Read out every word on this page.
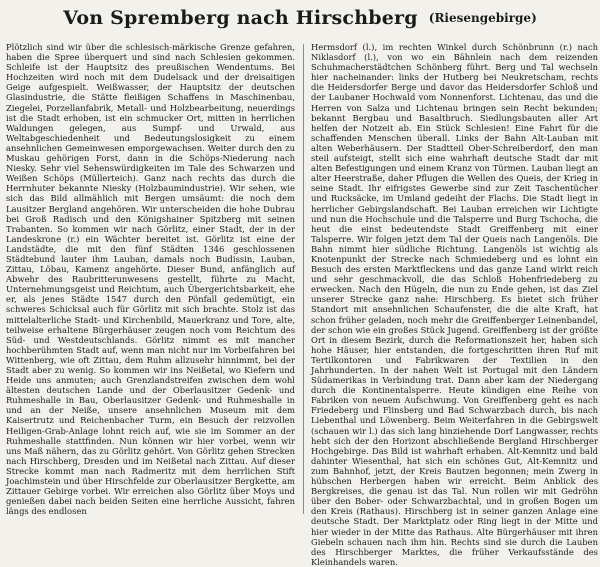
Von Spremberg nach Hirschberg (Riesengebirge)

Plötzlich sind wir über die schlesisch-märkische Grenze gefahren, haben die Spree überquert und sind nach Schlesien gekommen. Schleife ist der Hauptsitz des preußischen Wendentums. Bei Hochzeiten wird noch mit dem Dudelsack und der dreisaitigen Geige aufgespielt. Weißwasser, der Hauptsitz der deutschen Glasindustrie, die Stätte fleißigen Schaffens in Maschinenbau, Ziegelei, Porzellanfabrik, Metall- und Holzbearbeitung, neuerdings ist die Stadt erhoben, ist ein schmucker Ort, mitten in herrlichen Waldungen gelegen, aus Sumpf- und Urwald, aus Weltabgeschiedenheit und Bedeutungslosigkeit zu einem ansehnlichen Gemeinwesen emporgewachsen. Weiter durch den zu Muskau gehörigen Forst, dann in die Schöps-Niederung nach Niesky. Sehr viel Sehenswürdigkeiten im Tale des Schwarzen und Weißen Schöps (Müllerteich). Ganz nach rechts das durch die Herrnhuter bekannte Niesky (Holzbaumindustrie). Wir sehen, wie sich das Bild allmählich mit Bergen umsäumt: die noch dem Lausitzer Bergland angehören. Wir unterscheiden die hohe Dubrau bei Groß Radisch und den Königshainer Spitzberg mit seinen Trabanten. So kommen wir nach Görlitz, einer Stadt, der in der Landeskrone (r.) ein Wächter bereitet ist. Görlitz ist eine der Landstädte, die mit den fünf Städten 1346 geschlossenen Städtebund lauter ihm Lauban, damals noch Budissin, Lauban, Zittau, Löbau, Kamenz angehörte. Dieser Bund, anfänglich auf Abwehr des Raubritterunwesens gestellt, führte zu Macht, Unternehmungsgeist und Reichtum, auch Übergerichtsbarkeit, ehe er, als jenes Städte 1547 durch den Pönfall gedemütigt, ein schweres Schicksal auch für Görlitz mit sich brachte. Stolz ist das mittelalterliche Stadt- und Kirchenbild, Mauerkranz und Tore, alte, teilweise erhaltene Bürgerhäuser zeugen noch vom Reichtum des Süd- und Westdeutschlands. Görlitz nimmt es mit mancher hochberühmten Stadt auf, wenn man nicht nur im Vorbeifahren bei Wittenberg, wie oft Zittau, dem Ruhm allzusehr hinnimmt, bei der Stadt aber zu wenig. So kommen wir ins Neißetal, wo Kiefern und Heide uns anmuten; auch Grenzlandstreifen zwischen dem wohl ältesten deutschen Lande und der Oberlausitzer Gedenk- und Ruhmeshalle in Bau, Oberlausitzer Gedenk- und Ruhmeshalle in und an der Neiße, unsere ansehnlichen Museum mit dem Kaisertrutz und Reichenbacher Turm, ein Besuch der reizvollen Heiligen-Grab-Anlage lohnt reich auf, wie sie im Sommer an der Ruhmeshalle stattfinden. Nun können wir hier vorbei, wenn wir uns Maß nähern, das zu Görlitz gehört. Von Görlitz gehen Strecken nach Hirschberg, Dresden und im Neißetal nach Zittau. Auf dieser Strecke kommt man nach Radmeritz mit dem herrlichen Stift Joachimstein und über Hirschfelde zur Oberlausitzer Bergkette, am Zittauer Gebirge vorbei. Wir erreichen also Görlitz über Moys und genießen dabei nach beiden Seiten eine herrliche Aussicht, fahren längs des endlosen

Hermsdorf (l.), im rechten Winkel durch Schönbrunn (r.) nach Niklasdorf (l.), von wo ein Bähnlein nach dem reizenden Schuhmacherstädtchen Schönberg führt. Berg und Tal wechseln hier nacheinander: links der Hutberg bei Neukretscham, rechts die Heidersdorfer Berge und davor das Heidersdorfer Schloß und der Laubaner Hochwald vom Nonnenforst. Lichtenau, das und die Herren von Salza und Lichtenau bringen sein Recht bekunden; bekannt Bergbau und Basaltbruch. Siedlungsbauten aller Art helfen der Notzeit ab. Ein Stück Schlesien! Eine Fahrt für die schaffenden Menschen überall. Links der Bahn Alt-Lauban mit alten Weberhäusern. Der Stadtteil Ober-Schreiberdorf, den man steil aufsteigt, stellt sich eine wahrhaft deutsche Stadt dar mit alten Befestigungen und einem Kranz von Türmen. Lauban liegt an alter Heerstraße, daher Pflugen die Wellen des Queis, der Krieg in seine Stadt. Ihr eifrigstes Gewerbe sind zur Zeit Taschentücher und Rucksäcke, im Umland gedeiht der Flachs. Die Stadt liegt in herrlicher Gebirgslandschaft. Bei Lauban erreichen wir Lichtigte und nun die Hochschule und die Talsperre und Burg Tschocha, die heut die einst bedeutendste Stadt Greiffenberg mit einer Talsperre. Wir folgen jetzt dem Tal der Queis nach Langenöls. Die Bahn nimmt hier südliche Richtung. Langenöls ist wichtig als Knotenpunkt der Strecke nach Schmiedeberg und es lohnt ein Besuch des ersten Marktfleckens und das ganze Land wirkt reich und sehr geschmackvoll, die das Schloß Hohenfriedeberg zu erwecken. Nach den Hügeln, die nun zu Ende gehen, ist das Ziel unserer Strecke ganz nahe: Hirschberg. Es bietet sich früher Standort mit ansehnlichen Schaufenster, die die alte Kraft, hat schon früher geladen, noch mehr die Greiffenberger Leinenbandel, der schon wie ein großes Stück Jugend. Greiffenberg ist der größte Ort in diesem Bezirk, durch die Reformationszeit her, haben sich hohe Häuser, hier entstanden, die fortgeschritten ihren Ruf mit Tertilkontoren und Fabrikwaren der Textilien in den Jahrhunderten. In der nahen Welt ist Portugal mit den Ländern Südamerikas in Verbindung trat. Dann aber kam der Niedergang durch die Kontinentalsperre. Heute kündigen eine Reihe von Fabriken von neuem Aufschwung. Von Greiffenberg geht es nach Friedeberg und Flinsberg und Bad Schwarzbach durch, bis nach Liebenthal und Löwenberg. Beim Weiterfahren in die Gebirgswelt (schauen wir l.) das sich lang hinziehende Dorf Langwasser, rechts hebt sich der den Horizont abschließende Bergland Hirschberger Hochgebirge. Das Bild ist wahrhaft erhaben. Alt-Kemnitz und bald dahinter Wiesenthal, hat sich ein schönes Gut, Alt-Kemnitz und zum Bahnhof, jetzt, der Kreis Bautzen begonnen; mein Zwerg in hübschen Herbergen haben wir erreicht. Beim Anblick des Bergkreises, die genau ist das Tal. Nun rollen wir mit Gedröhn über den Bober- oder Schwarzbachtal, und in großen Bogen um den Kreis (Rathaus). Hirschberg ist in seiner ganzen Anlage eine deutsche Stadt. Der Marktplatz oder Ring liegt in der Mitte und hier wieder in der Mitte das Rathaus. Alte Bürgerhäuser mit ihren Giebeln schauen nach ihm hin. Rechts sind sie durch die Lauben des Hirschberger Marktes, die früher Verkaufsstände des Kleinhandels waren.
